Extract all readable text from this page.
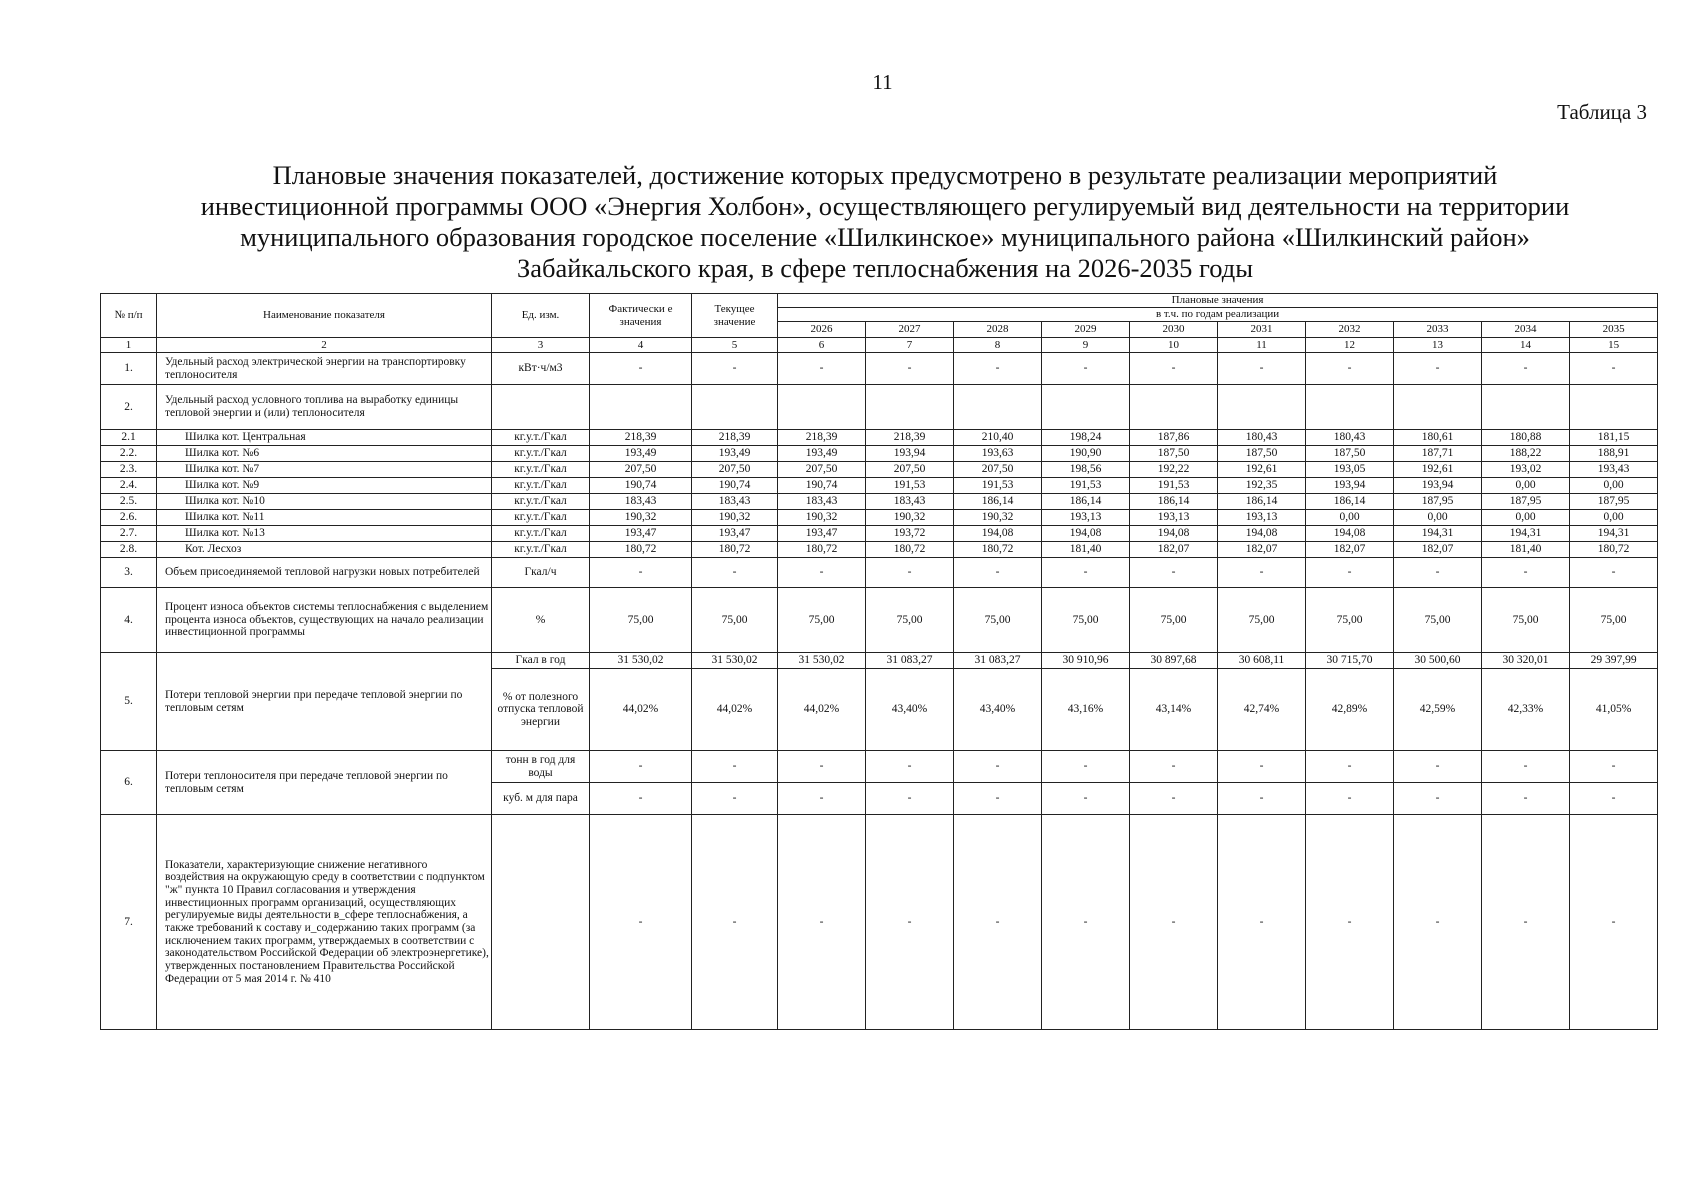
11
Таблица 3
Плановые значения показателей, достижение которых предусмотрено в результате реализации мероприятий
инвестиционной программы ООО «Энергия Холбон», осуществляющего регулируемый вид деятельности на территории
муниципального образования городское поселение «Шилкинское» муниципального района «Шилкинский район»
Забайкальского края, в сфере теплоснабжения на 2026-2035 годы
№ п/п	Наименование показателя	Ед. изм.	Фактически е значения	Текущее значение	Плановые значения									
					в т.ч. по годам реализации									
					2026	2027	2028	2029	2030	2031	2032	2033	2034	2035
1	2	3	4	5	6	7	8	9	10	11	12	13	14	15
1.	Удельный расход электрической энергии на транспортировку теплоносителя	кВт·ч/м3	-	-	-	-	-	-	-	-	-	-	-	-
2.	Удельный расход условного топлива на выработку единицы тепловой энергии и (или) теплоносителя													
2.1	Шилка кот. Центральная	кг.у.т./Гкал	218,39	218,39	218,39	218,39	210,40	198,24	187,86	180,43	180,43	180,61	180,88	181,15
2.2.	Шилка кот. №6	кг.у.т./Гкал	193,49	193,49	193,49	193,94	193,63	190,90	187,50	187,50	187,50	187,71	188,22	188,91
2.3.	Шилка кот. №7	кг.у.т./Гкал	207,50	207,50	207,50	207,50	207,50	198,56	192,22	192,61	193,05	192,61	193,02	193,43
2.4.	Шилка кот. №9	кг.у.т./Гкал	190,74	190,74	190,74	191,53	191,53	191,53	191,53	192,35	193,94	193,94	0,00	0,00
2.5.	Шилка кот. №10	кг.у.т./Гкал	183,43	183,43	183,43	183,43	186,14	186,14	186,14	186,14	186,14	187,95	187,95	187,95
2.6.	Шилка кот. №11	кг.у.т./Гкал	190,32	190,32	190,32	190,32	190,32	193,13	193,13	193,13	0,00	0,00	0,00	0,00
2.7.	Шилка кот. №13	кг.у.т./Гкал	193,47	193,47	193,47	193,72	194,08	194,08	194,08	194,08	194,08	194,31	194,31	194,31
2.8.	Кот. Лесхоз	кг.у.т./Гкал	180,72	180,72	180,72	180,72	180,72	181,40	182,07	182,07	182,07	182,07	181,40	180,72
3.	Объем присоединяемой тепловой нагрузки новых потребителей	Гкал/ч	-	-	-	-	-	-	-	-	-	-	-	-
4.	Процент износа объектов системы теплоснабжения с выделением процента износа объектов, существующих на начало реализации инвестиционной программы	%	75,00	75,00	75,00	75,00	75,00	75,00	75,00	75,00	75,00	75,00	75,00	75,00
5.	Потери тепловой энергии при передаче тепловой энергии по тепловым сетям	Гкал в год	31 530,02	31 530,02	31 530,02	31 083,27	31 083,27	30 910,96	30 897,68	30 608,11	30 715,70	30 500,60	30 320,01	29 397,99
		% от полезного отпуска тепловой энергии	44,02%	44,02%	44,02%	43,40%	43,40%	43,16%	43,14%	42,74%	42,89%	42,59%	42,33%	41,05%
6.	Потери теплоносителя при передаче тепловой энергии по тепловым сетям	тонн в год для воды	-	-	-	-	-	-	-	-	-	-	-	-
		куб. м для пара	-	-	-	-	-	-	-	-	-	-	-	-
7.	Показатели, характеризующие снижение негативного воздействия на окружающую среду в соответствии с подпунктом "ж" пункта 10 Правил согласования и утверждения инвестиционных программ организаций, осуществляющих регулируемые виды деятельности в_сфере теплоснабжения, а также требований к составу и_содержанию таких программ (за исключением таких программ, утверждаемых в соответствии с законодательством Российской Федерации об электроэнергетике), утвержденных постановлением Правительства Российской Федерации от 5 мая 2014 г. № 410		-	-	-	-	-	-	-	-	-	-	-	-
